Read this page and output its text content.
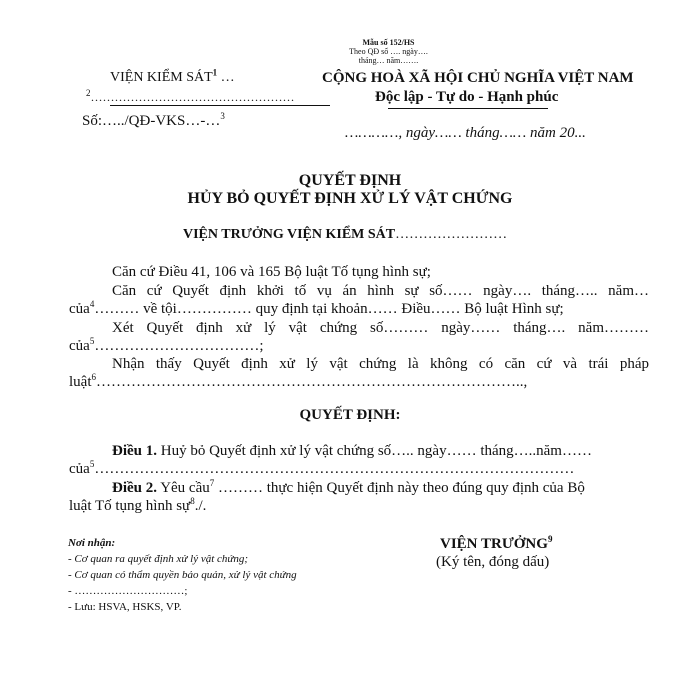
Mẫu số 152/HS
Theo QĐ số …. ngày….
tháng… năm…….
VIỆN KIỂM SÁT$^1$ …
$^2$……………………………………………
Số:…../QĐ-VKS…-…$^3$
CỘNG HOÀ XÃ HỘI CHỦ NGHĨA VIỆT NAM
Độc lập - Tự do - Hạnh phúc
…………, ngày…… tháng…… năm 20...
QUYẾT ĐỊNH
HỦY BỎ QUYẾT ĐỊNH XỬ LÝ VẬT CHỨNG
VIỆN TRƯỞNG VIỆN KIỂM SÁT……………………
Căn cứ Điều 41, 106 và 165 Bộ luật Tố tụng hình sự;
Căn cứ Quyết định khởi tố vụ án hình sự số…… ngày…. tháng….. năm…
của$^4$……… về tội…………… quy định tại khoản…… Điều…… Bộ luật Hình sự;
Xét Quyết định xử lý vật chứng số……… ngày…… tháng…. năm………
của$^5$……………………………;
Nhận thấy Quyết định xử lý vật chứng là không có căn cứ và trái pháp
luật$^6$…………………………………………………………………………..,
QUYẾT ĐỊNH:
Điều 1. Huỷ bỏ Quyết định xử lý vật chứng số….. ngày…… tháng…..năm……
của$^5$……………………………………………………………………………………
Điều 2. Yêu cầu$^7$ ……… thực hiện Quyết định này theo đúng quy định của Bộ
luật Tố tụng hình sự$^8$./.
Nơi nhận:
- Cơ quan ra quyết định xử lý vật chứng;
- Cơ quan có thẩm quyền bảo quản, xử lý vật chứng
- …………………………;
- Lưu: HSVA, HSKS, VP.
VIỆN TRƯỞNG$^9$
(Ký tên, đóng dấu)
